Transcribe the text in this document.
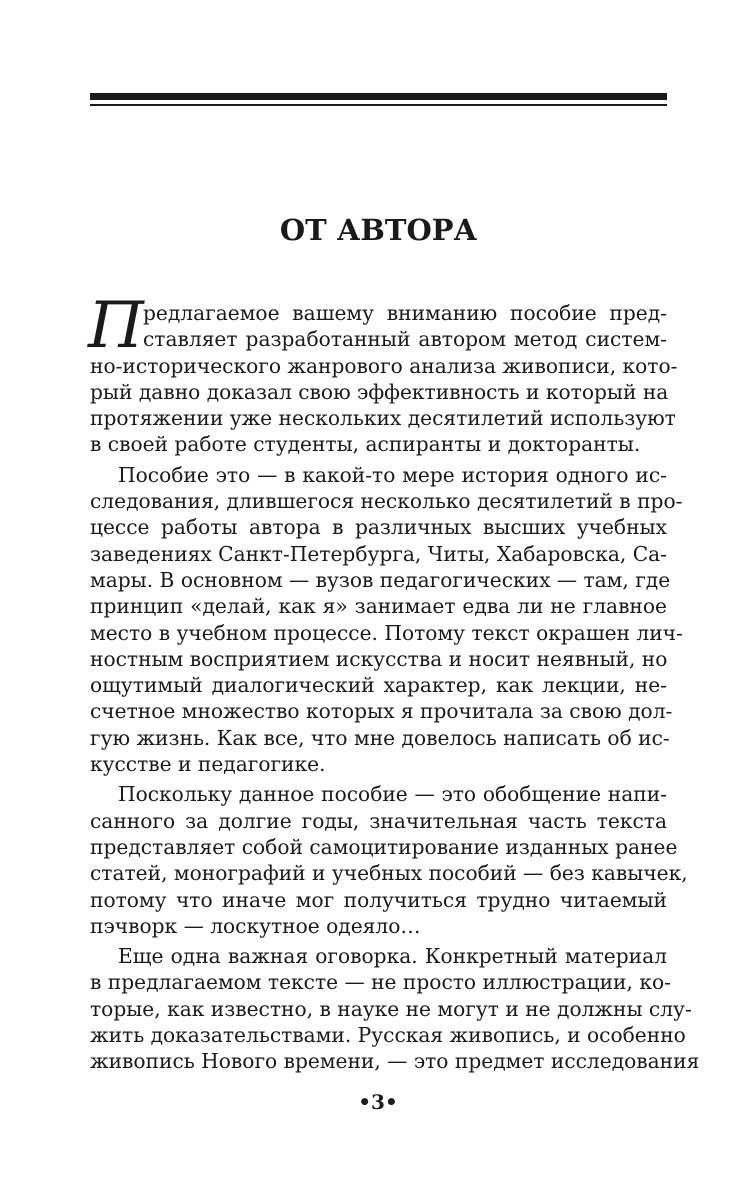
ОТ АВТОРА
П редлагаемое вашему вниманию пособие пред-
ставляет разработанный автором метод систем-
но-исторического жанрового анализа живописи, кото-
рый давно доказал свою эффективность и который на
протяжении уже нескольких десятилетий используют
в своей работе студенты, аспиранты и докторанты.
Пособие это — в какой-то мере история одного ис-
следования, длившегося несколько десятилетий в про-
цессе работы автора в различных высших учебных
заведениях Санкт-Петербурга, Читы, Хабаровска, Са-
мары. В основном — вузов педагогических — там, где
принцип «делай, как я» занимает едва ли не главное
место в учебном процессе. Потому текст окрашен лич-
ностным восприятием искусства и носит неявный, но
ощутимый диалогический характер, как лекции, не-
счетное множество которых я прочитала за свою дол-
гую жизнь. Как все, что мне довелось написать об ис-
кусстве и педагогике.
Поскольку данное пособие — это обобщение напи-
санного за долгие годы, значительная часть текста
представляет собой самоцитирование изданных ранее
статей, монографий и учебных пособий — без кавычек,
потому что иначе мог получиться трудно читаемый
пэчворк — лоскутное одеяло…
Еще одна важная оговорка. Конкретный материал
в предлагаемом тексте — не просто иллюстрации, ко-
торые, как известно, в науке не могут и не должны слу-
жить доказательствами. Русская живопись, и особенно
живопись Нового времени, — это предмет исследования
•3•
